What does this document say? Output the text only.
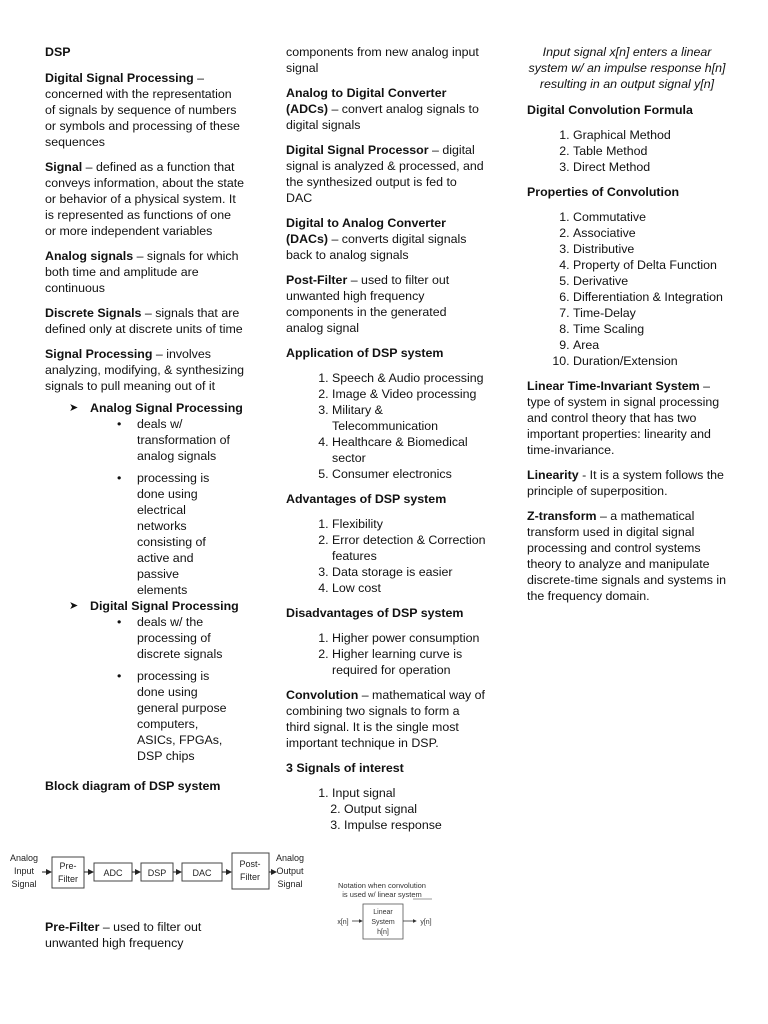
DSP

Digital Signal Processing – concerned with the representation of signals by sequence of numbers or symbols and processing of these sequences

Signal – defined as a function that conveys information, about the state or behavior of a physical system. It is represented as functions of one or more independent variables

Analog signals – signals for which both time and amplitude are continuous

Discrete Signals – signals that are defined only at discrete units of time

Signal Processing – involves analyzing, modifying, & synthesizing signals to pull meaning out of it

➤ Analog Signal Processing
• deals w/ transformation of analog signals
• processing is done using electrical networks consisting of active and passive elements
➤ Digital Signal Processing
• deals w/ the processing of discrete signals
• processing is done using general purpose computers, ASICs, FPGAs, DSP chips
Block diagram of DSP system
Analog
Input
Signal
Pre-
Filter
ADC	DSP	DAC
Post-
Filter
Analog
Output
Signal
Pre-Filter – used to filter out unwanted high frequency

components from new analog input signal

Analog to Digital Converter (ADCs) – convert analog signals to digital signals

Digital Signal Processor – digital signal is analyzed & processed, and the synthesized output is fed to DAC

Digital to Analog Converter (DACs) – converts digital signals back to analog signals

Post-Filter – used to filter out unwanted high frequency components in the generated analog signal

Application of DSP system
1. Speech & Audio processing
2. Image & Video processing
3. Military & Telecommunication
4. Healthcare & Biomedical sector
5. Consumer electronics
Advantages of DSP system
1. Flexibility
2. Error detection & Correction features
3. Data storage is easier
4. Low cost
Disadvantages of DSP system
1. Higher power consumption
2. Higher learning curve is required for operation

Convolution – mathematical way of combining two signals to form a third signal. It is the single most important technique in DSP.

3 Signals of interest
1. Input signal
2. Output signal
3. Impulse response
Notation when convolution
is used w/ linear system
x[n]
Linear
System
h[n]
y[n]
Input signal x[n] enters a linear system w/ an impulse response h[n] resulting in an output signal y[n]
Digital Convolution Formula
1. Graphical Method
2. Table Method
3. Direct Method
Properties of Convolution
1. Commutative
2. Associative
3. Distributive
4. Property of Delta Function
5. Derivative
6. Differentiation & Integration
7. Time-Delay
8. Time Scaling
9. Area
10. Duration/Extension

Linear Time-Invariant System – type of system in signal processing and control theory that has two important properties: linearity and time-invariance.

Linearity - It is a system follows the principle of superposition.

Z-transform – a mathematical transform used in digital signal processing and control systems theory to analyze and manipulate discrete-time signals and systems in the frequency domain.
